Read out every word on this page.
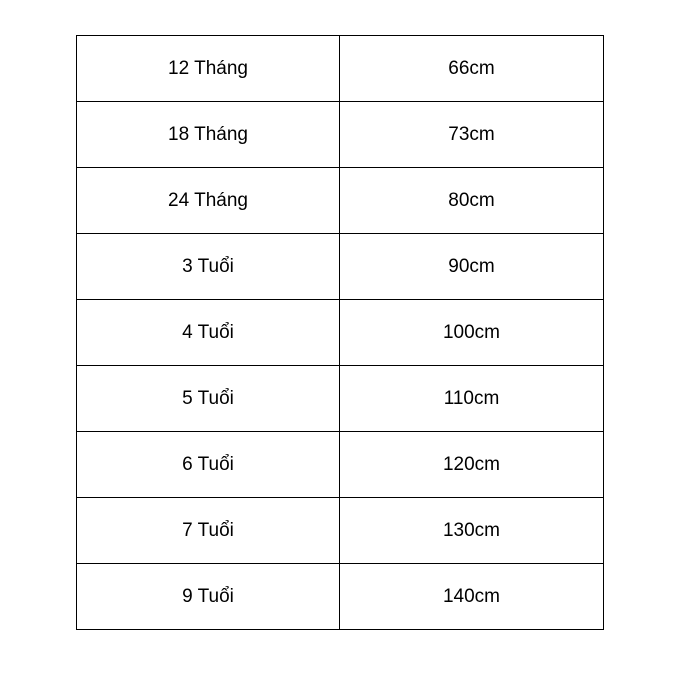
12 Tháng	66cm
18 Tháng	73cm
24 Tháng	80cm
3 Tuổi	90cm
4 Tuổi	100cm
5 Tuổi	110cm
6 Tuổi	120cm
7 Tuổi	130cm
9 Tuổi	140cm
